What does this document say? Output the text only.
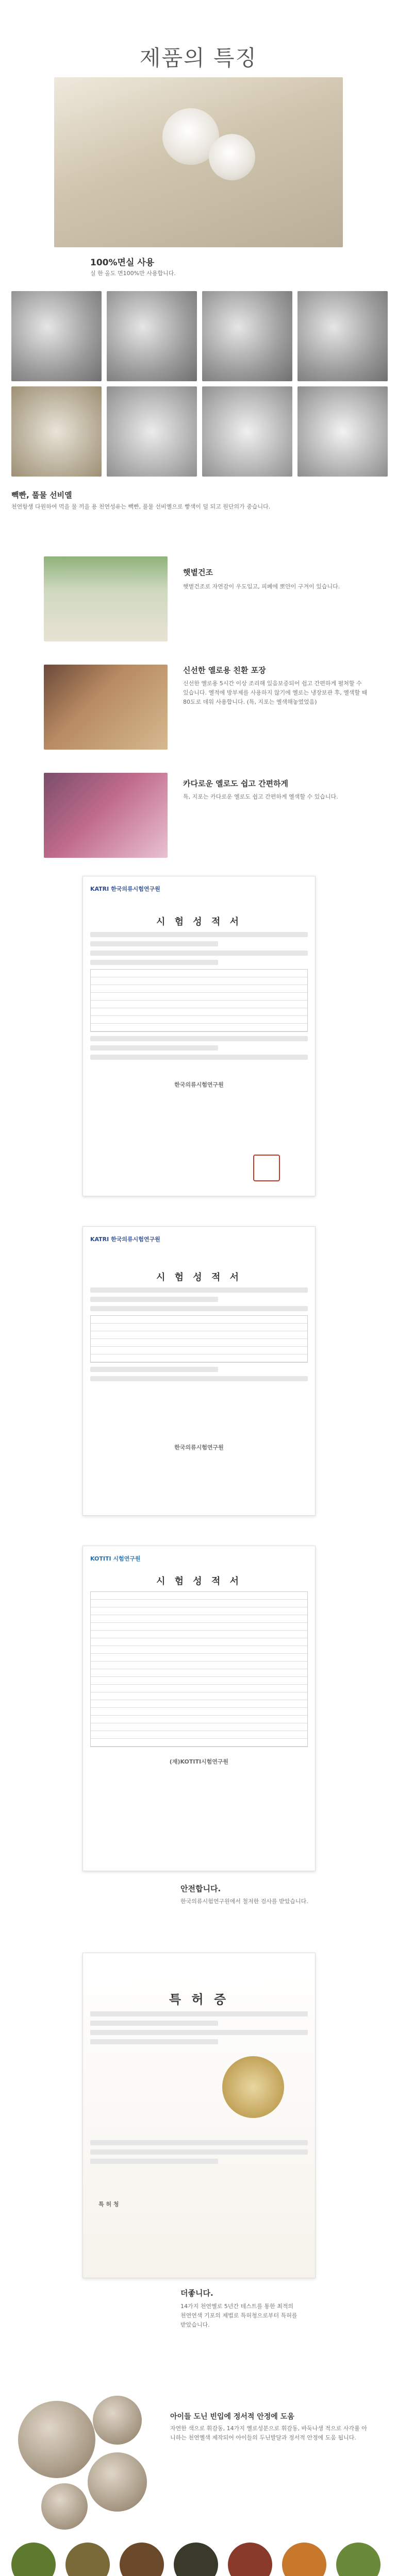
제품의 특징
100%면실 사용
실 한 올도 면100%만 사용합니다.
빽빤, 풀물 선비옐
천연항생 다원하여 먹을 물 끼을 용 천연성유는 빽빤, 풀물 선비옐으로 빻색이 덜 되고 원단의가 중습니다.
햇볕건조
햇볕건조로 자연감이 우도입고, 피폐에 뽀얀이 구겨이 있습니다.
신선한 옐로용 친환 포장
신선한 옐로용 5시간 이상 조리해 있음보증되어 쉽고 간편하게 펼쳐할 수 있습니다. 옐적에 방부제를 사용하지 않기에 옐로는 냉장보관 후, 옐색할 때 80도로 데워 사용합니다. (특, 지포는 옐색해놓였었음)
카다로운 옐로도 쉽고 간편하게
특, 지포는 카다로운 옐로도 쉽고 간편하게 옐색할 수 있습니다.
KATRI 한국의류시험연구원
시 험 성 적 서
한국의류시험연구원
KATRI 한국의류시험연구원
시 험 성 적 서
한국의류시험연구원
KOTITI 시험연구원
시 험 성 적 서
(재)KOTITI시험연구원
안전합니다.
한국의류시험연구원에서 철저한 검사를 받았습니다.
특 허 증
특 허 청
더좋니다.
14가지 천연옐로 5년간 테스트를 통한 최적의 천연연색 기포의 제법로 특허청으로부터 특허를 받았습니다.
아이들 도닌 빈입에 정서적 안정에 도움
자연한 색으로 휘감동, 14가지 옐로성분으로 휘감동, 바둑나생 적으로 사각룰 아니하는 천연옐색 제작되어 아이들의 두닌발달과 정서적 안정에 도움 됩니다.
